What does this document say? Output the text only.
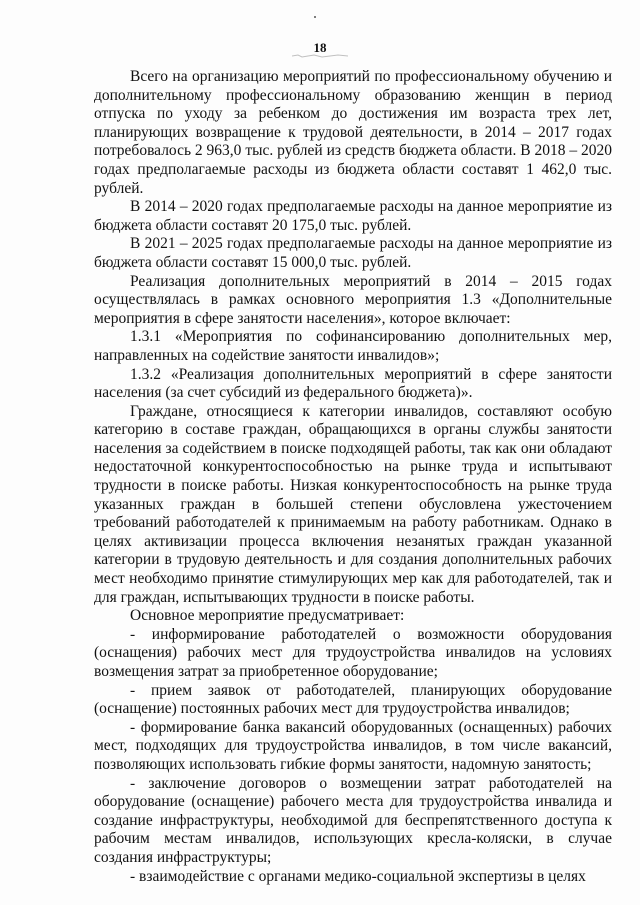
18

Всего на организацию мероприятий по профессиональному обучению и дополнительному профессиональному образованию женщин в период отпуска по уходу за ребенком до достижения им возраста трех лет, планирующих возвращение к трудовой деятельности, в 2014 – 2017 годах потребовалось 2 963,0 тыс. рублей из средств бюджета области. В 2018 – 2020 годах предполагаемые расходы из бюджета области составят 1 462,0 тыс. рублей.

В 2014 – 2020 годах предполагаемые расходы на данное мероприятие из бюджета области составят 20 175,0 тыс. рублей.

В 2021 – 2025 годах предполагаемые расходы на данное мероприятие из бюджета области составят 15 000,0 тыс. рублей.

Реализация дополнительных мероприятий в 2014 – 2015 годах осуществлялась в рамках основного мероприятия 1.3 «Дополнительные мероприятия в сфере занятости населения», которое включает:

1.3.1 «Мероприятия по софинансированию дополнительных мер, направленных на содействие занятости инвалидов»;

1.3.2 «Реализация дополнительных мероприятий в сфере занятости населения (за счет субсидий из федерального бюджета)».

Граждане, относящиеся к категории инвалидов, составляют особую категорию в составе граждан, обращающихся в органы службы занятости населения за содействием в поиске подходящей работы, так как они обладают недостаточной конкурентоспособностью на рынке труда и испытывают трудности в поиске работы. Низкая конкурентоспособность на рынке труда указанных граждан в большей степени обусловлена ужесточением требований работодателей к принимаемым на работу работникам. Однако в целях активизации процесса включения незанятых граждан указанной категории в трудовую деятельность и для создания дополнительных рабочих мест необходимо принятие стимулирующих мер как для работодателей, так и для граждан, испытывающих трудности в поиске работы.

Основное мероприятие предусматривает:

- информирование работодателей о возможности оборудования (оснащения) рабочих мест для трудоустройства инвалидов на условиях возмещения затрат за приобретенное оборудование;

- прием заявок от работодателей, планирующих оборудование (оснащение) постоянных рабочих мест для трудоустройства инвалидов;

- формирование банка вакансий оборудованных (оснащенных) рабочих мест, подходящих для трудоустройства инвалидов, в том числе вакансий, позволяющих использовать гибкие формы занятости, надомную занятость;

- заключение договоров о возмещении затрат работодателей на оборудование (оснащение) рабочего места для трудоустройства инвалида и создание инфраструктуры, необходимой для беспрепятственного доступа к рабочим местам инвалидов, использующих кресла-коляски, в случае создания инфраструктуры;

- взаимодействие с органами медико-социальной экспертизы в целях
